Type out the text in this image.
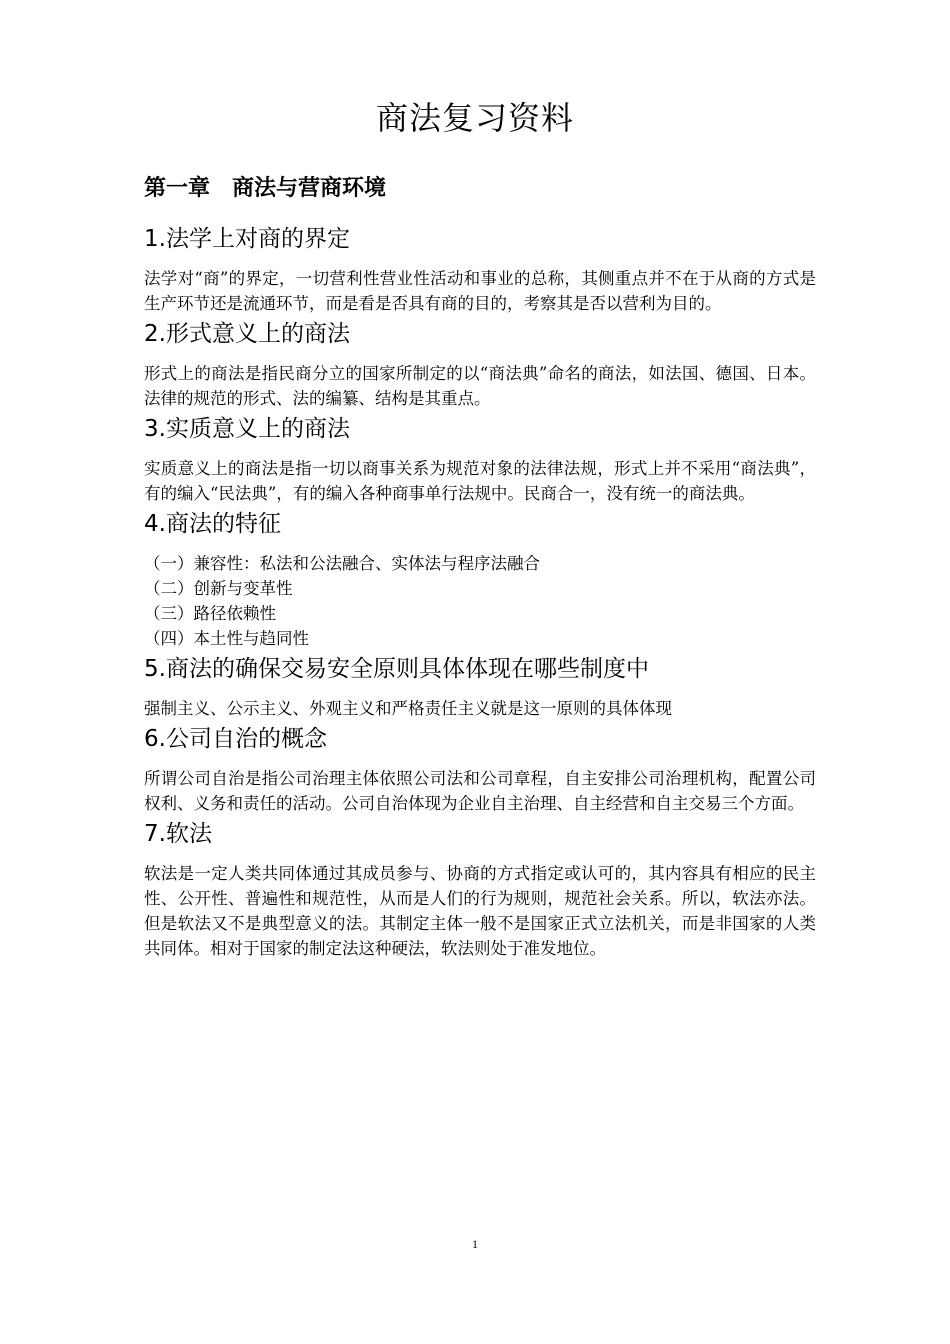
商法复习资料
第一章　商法与营商环境
1.法学上对商的界定

法学对“商”的界定，一切营利性营业性活动和事业的总称，其侧重点并不在于从商的方式是生产环节还是流通环节，而是看是否具有商的目的，考察其是否以营利为目的。

2.形式意义上的商法

形式上的商法是指民商分立的国家所制定的以“商法典”命名的商法，如法国、德国、日本。法律的规范的形式、法的编纂、结构是其重点。

3.实质意义上的商法

实质意义上的商法是指一切以商事关系为规范对象的法律法规，形式上并不采用“商法典”，有的编入“民法典”，有的编入各种商事单行法规中。民商合一，没有统一的商法典。

4.商法的特征
（一）兼容性：私法和公法融合、实体法与程序法融合
（二）创新与变革性
（三）路径依赖性
（四）本土性与趋同性
5.商法的确保交易安全原则具体体现在哪些制度中

强制主义、公示主义、外观主义和严格责任主义就是这一原则的具体体现

6.公司自治的概念

所谓公司自治是指公司治理主体依照公司法和公司章程，自主安排公司治理机构，配置公司权利、义务和责任的活动。公司自治体现为企业自主治理、自主经营和自主交易三个方面。

7.软法

软法是一定人类共同体通过其成员参与、协商的方式指定或认可的，其内容具有相应的民主性、公开性、普遍性和规范性，从而是人们的行为规则，规范社会关系。所以，软法亦法。但是软法又不是典型意义的法。其制定主体一般不是国家正式立法机关，而是非国家的人类共同体。相对于国家的制定法这种硬法，软法则处于准发地位。

1
